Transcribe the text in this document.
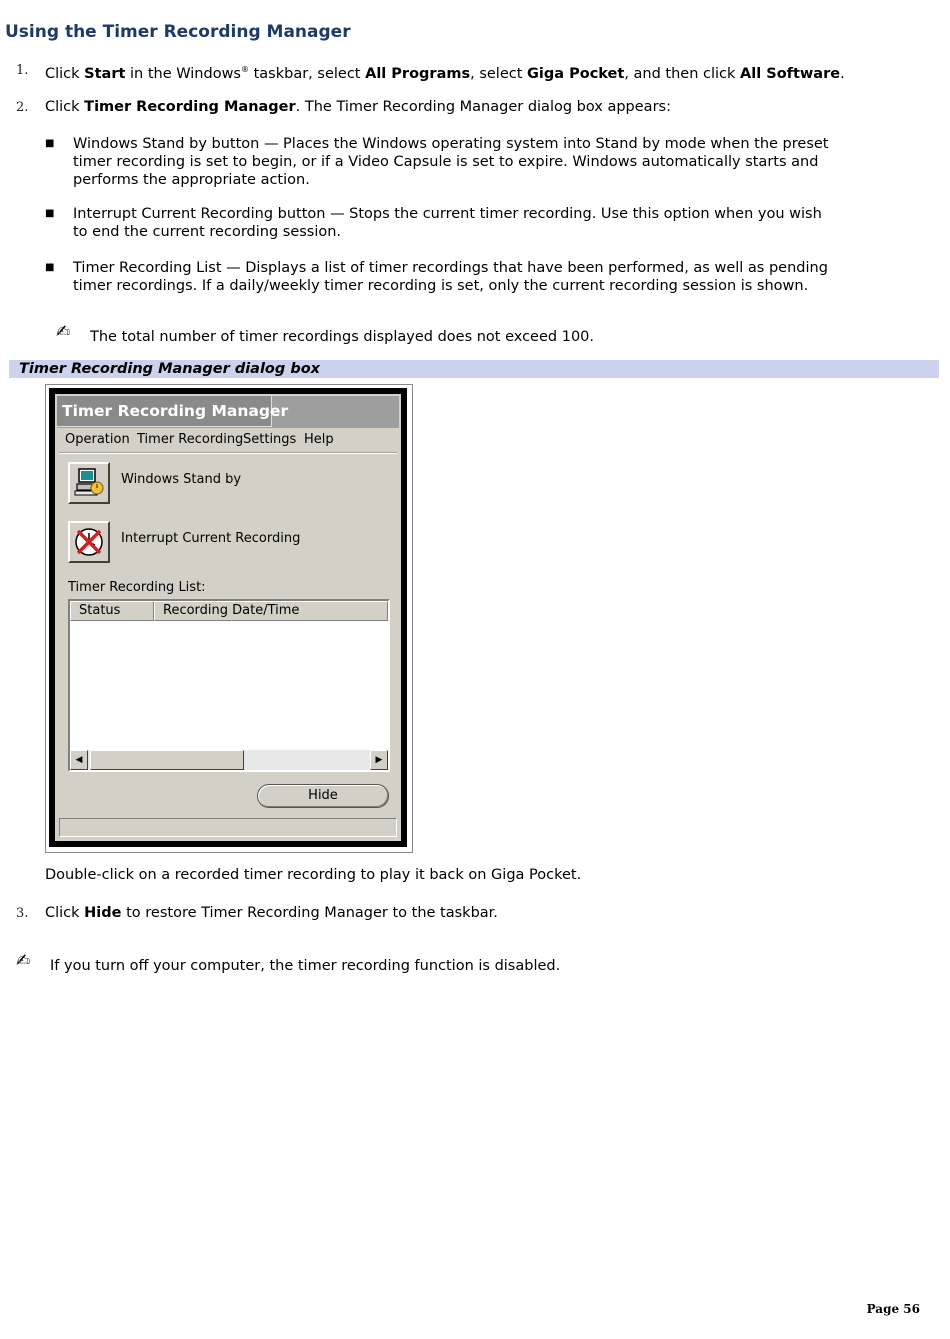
Using the Timer Recording Manager
1. Click Start in the Windows® taskbar, select All Programs, select Giga Pocket, and then click All Software.
2. Click Timer Recording Manager. The Timer Recording Manager dialog box appears:
■ Windows Stand by button — Places the Windows operating system into Stand by mode when the preset
timer recording is set to begin, or if a Video Capsule is set to expire. Windows automatically starts and
performs the appropriate action.
■ Interrupt Current Recording button — Stops the current timer recording. Use this option when you wish
to end the current recording session.
■ Timer Recording List — Displays a list of timer recordings that have been performed, as well as pending
timer recordings. If a daily/weekly timer recording is set, only the current recording session is shown.
✍ The total number of timer recordings displayed does not exceed 100.
Timer Recording Manager dialog box
Timer Recording Manager
Operation Timer Recording Settings Help
Windows Stand by
Interrupt Current Recording
Timer Recording List:
Status	Recording Date/Time
◀	▶
Hide
Double-click on a recorded timer recording to play it back on Giga Pocket.
3. Click Hide to restore Timer Recording Manager to the taskbar.
✍ If you turn off your computer, the timer recording function is disabled.
Page 56
